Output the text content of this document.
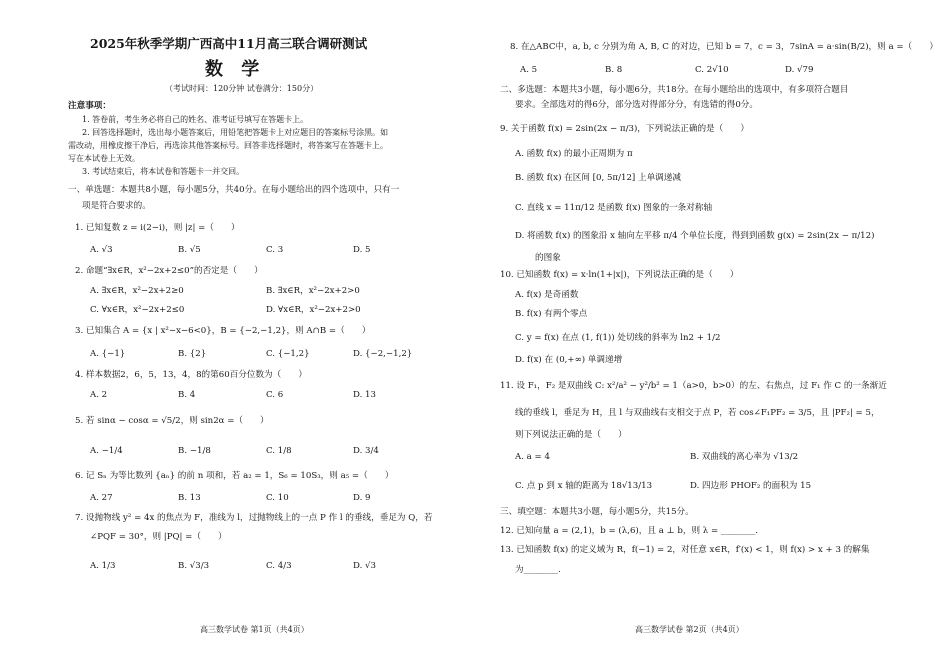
2025年秋季学期广西高中11月高三联合调研测试
数 学
（考试时间：120分钟 试卷满分：150分）
注意事项：
1. 答卷前，考生务必将自己的姓名、准考证号填写在答题卡上。
2. 回答选择题时，选出每小题答案后，用铅笔把答题卡上对应题目的答案标号涂黑。如
需改动，用橡皮擦干净后，再选涂其他答案标号。回答非选择题时，将答案写在答题卡上。
写在本试卷上无效。
3. 考试结束后，将本试卷和答题卡一并交回。
一、单选题：本题共8小题，每小题5分，共40分。在每小题给出的四个选项中，只有一
项是符合要求的。
1. 已知复数 z = i(2−i)，则 |z| =（　　）
A. √3	B. √5	C. 3	D. 5
2. 命题“∃x∈R，x²−2x+2≤0”的否定是（　　）
A. ∃x∈R，x²−2x+2≥0	B. ∃x∈R，x²−2x+2>0
C. ∀x∈R，x²−2x+2≤0	D. ∀x∈R，x²−2x+2>0
3. 已知集合 A = {x | x²−x−6<0}，B = {−2,−1,2}，则 A∩B =（　　）
A. {−1}	B. {2}	C. {−1,2}	D. {−2,−1,2}
4. 样本数据2，6，5，13，4，8的第60百分位数为（　　）
A. 2	B. 4	C. 6	D. 13
5. 若 sinα − cosα = √5/2，则 sin2α =（　　）
A. −1/4	B. −1/8	C. 1/8	D. 3/4
6. 记 Sₙ 为等比数列 {aₙ} 的前 n 项和，若 a₂ = 1，S₆ = 10S₃，则 a₅ =（　　）
A. 27	B. 13	C. 10	D. 9
7. 设抛物线 y² = 4x 的焦点为 F，准线为 l，过抛物线上的一点 P 作 l 的垂线，垂足为 Q，若
∠PQF = 30°，则 |PQ| =（　　）
A. 1/3	B. √3/3	C. 4/3	D. √3
高三数学试卷 第1页（共4页）
8. 在△ABC中，a, b, c 分别为角 A, B, C 的对边，已知 b = 7，c = 3，7sinA = a·sin(B/2)，则 a =（　　）
A. 5	B. 8	C. 2√10	D. √79
二、多选题：本题共3小题，每小题6分，共18分。在每小题给出的选项中，有多项符合题目
要求。全部选对的得6分，部分选对得部分分，有选错的得0分。
9. 关于函数 f(x) = 2sin(2x − π/3)，下列说法正确的是（　　）
A. 函数 f(x) 的最小正周期为 π
B. 函数 f(x) 在区间 [0, 5π/12] 上单调递减
C. 直线 x = 11π/12 是函数 f(x) 图象的一条对称轴
D. 将函数 f(x) 的图象沿 x 轴向左平移 π/4 个单位长度，得到到函数 g(x) = 2sin(2x − π/12)
的图象
10. 已知函数 f(x) = x·ln(1+|x|)，下列说法正确的是（　　）
A. f(x) 是奇函数
B. f(x) 有两个零点
C. y = f(x) 在点 (1, f(1)) 处切线的斜率为 ln2 + 1/2
D. f(x) 在 (0,+∞) 单调递增
11. 设 F₁，F₂ 是双曲线 C: x²/a² − y²/b² = 1（a>0，b>0）的左、右焦点，过 F₁ 作 C 的一条渐近
线的垂线 l，垂足为 H，且 l 与双曲线右支相交于点 P，若 cos∠F₁PF₂ = 3/5，且 |PF₂| = 5，
则下列说法正确的是（　　）
A. a = 4	B. 双曲线的离心率为 √13/2
C. 点 p 到 x 轴的距离为 18√13/13	D. 四边形 PHOF₂ 的面积为 15
三、填空题：本题共3小题，每小题5分，共15分。
12. 已知向量 a = (2,1)，b = (λ,6)，且 a ⊥ b，则 λ = ________.
13. 已知函数 f(x) 的定义域为 R，f(−1) = 2，对任意 x∈R，f′(x) < 1，则 f(x) > x + 3 的解集
为________.
高三数学试卷 第2页（共4页）
